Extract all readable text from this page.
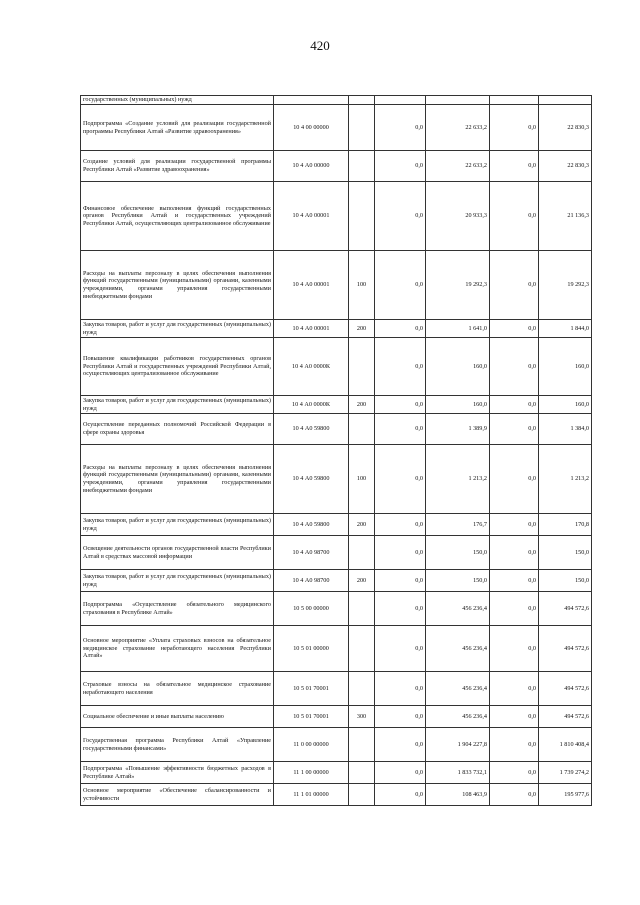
420
государственных (муниципальных) нужд						
Подпрограмма «Создание условий для реализации государственной программы Республики Алтай «Развитие здравоохранения»	10 4 00 00000		0,0	22 633,2	0,0	22 830,3
Создание условий для реализации государственной программы Республики Алтай «Развитие здравоохранения»	10 4 А0 00000		0,0	22 633,2	0,0	22 830,3
Финансовое обеспечение выполнения функций государственных органов Республики Алтай и государственных учреждений Республики Алтай, осуществляющих централизованное обслуживание	10 4 А0 00001		0,0	20 933,3	0,0	21 136,3
Расходы на выплаты персоналу в целях обеспечения выполнения функций государственными (муниципальными) органами, казенными учреждениями, органами управления государственными внебюджетными фондами	10 4 А0 00001	100	0,0	19 292,3	0,0	19 292,3
Закупка товаров, работ и услуг для государственных (муниципальных) нужд	10 4 А0 00001	200	0,0	1 641,0	0,0	1 844,0
Повышение квалификации работников государственных органов Республики Алтай и государственных учреждений Республики Алтай, осуществляющих централизованное обслуживание	10 4 А0 0000К		0,0	160,0	0,0	160,0
Закупка товаров, работ и услуг для государственных (муниципальных) нужд	10 4 А0 0000К	200	0,0	160,0	0,0	160,0
Осуществление переданных полномочий Российской Федерации в сфере охраны здоровья	10 4 А0 59800		0,0	1 389,9	0,0	1 384,0
Расходы на выплаты персоналу в целях обеспечения выполнения функций государственными (муниципальными) органами, казенными учреждениями, органами управления государственными внебюджетными фондами	10 4 А0 59800	100	0,0	1 213,2	0,0	1 213,2
Закупка товаров, работ и услуг для государственных (муниципальных) нужд	10 4 А0 59800	200	0,0	176,7	0,0	170,8
Освещение деятельности органов государственной власти Республики Алтай в средствах массовой информации	10 4 А0 98700		0,0	150,0	0,0	150,0
Закупка товаров, работ и услуг для государственных (муниципальных) нужд	10 4 А0 98700	200	0,0	150,0	0,0	150,0
Подпрограмма «Осуществление обязательного медицинского страхования в Республике Алтай»	10 5 00 00000		0,0	456 236,4	0,0	494 572,6
Основное мероприятие «Уплата страховых взносов на обязательное медицинское страхование неработающего населения Республики Алтай»	10 5 01 00000		0,0	456 236,4	0,0	494 572,6
Страховые взносы на обязательное медицинское страхование неработающего населения	10 5 01 70001		0,0	456 236,4	0,0	494 572,6
Социальное обеспечение и иные выплаты населению	10 5 01 70001	300	0,0	456 236,4	0,0	494 572,6
Государственная программа Республики Алтай «Управление государственными финансами»	11 0 00 00000		0,0	1 904 227,8	0,0	1 810 408,4
Подпрограмма «Повышение эффективности бюджетных расходов в Республике Алтай»	11 1 00 00000		0,0	1 833 732,1	0,0	1 739 274,2
Основное мероприятие «Обеспечение сбалансированности и устойчивости	11 1 01 00000		0,0	108 463,9	0,0	195 977,6
